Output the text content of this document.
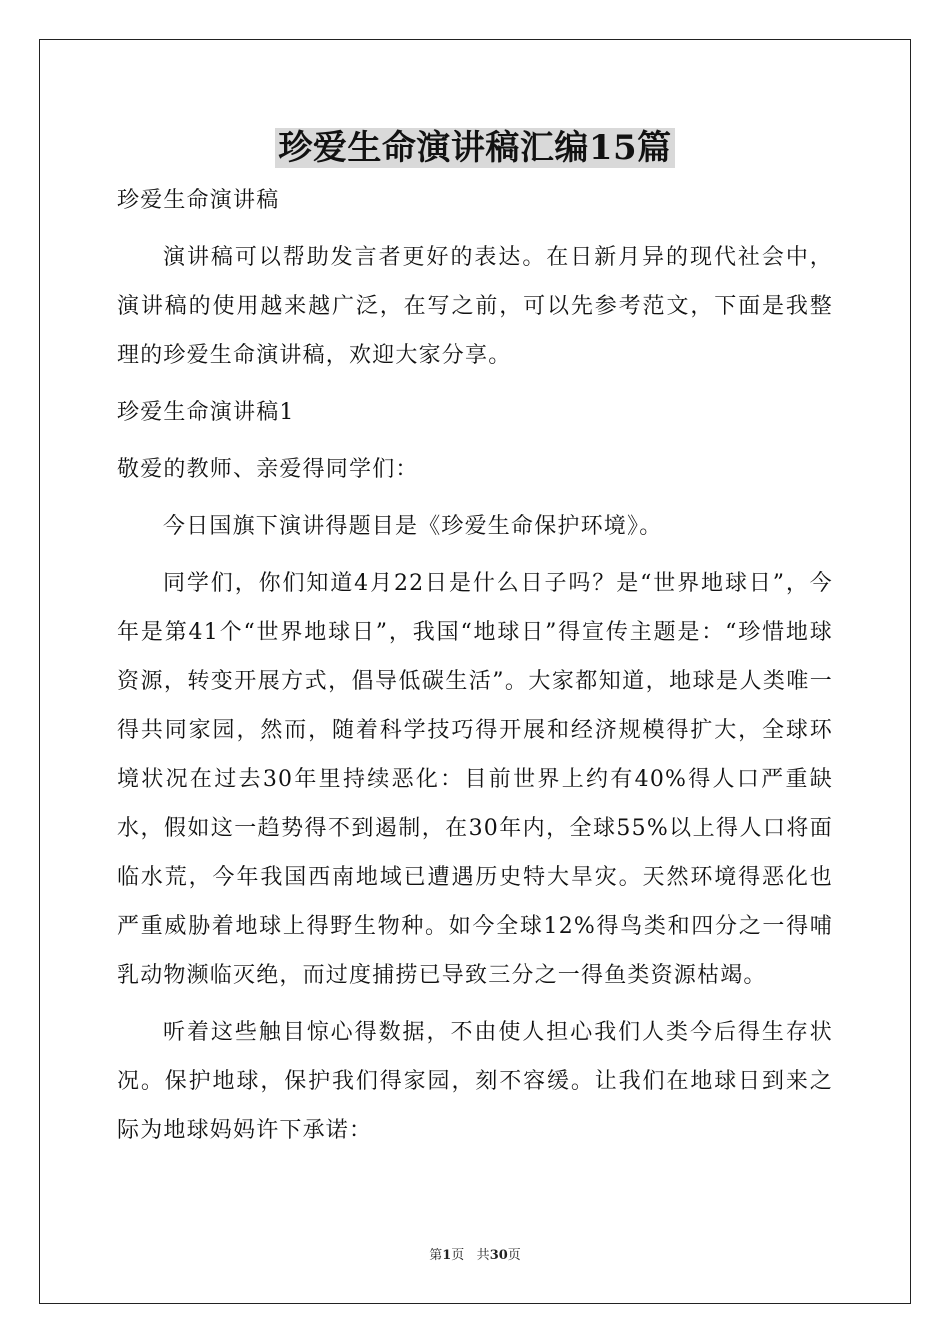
珍爱生命演讲稿汇编15篇

珍爱生命演讲稿

演讲稿可以帮助发言者更好的表达。在日新月异的现代社会中，演讲稿的使用越来越广泛，在写之前，可以先参考范文，下面是我整理的珍爱生命演讲稿，欢迎大家分享。

珍爱生命演讲稿1

敬爱的教师、亲爱得同学们：

今日国旗下演讲得题目是《珍爱生命保护环境》。

同学们，你们知道4月22日是什么日子吗？是“世界地球日”，今年是第41个“世界地球日”，我国“地球日”得宣传主题是：“珍惜地球资源，转变开展方式，倡导低碳生活”。大家都知道，地球是人类唯一得共同家园，然而，随着科学技巧得开展和经济规模得扩大，全球环境状况在过去30年里持续恶化：目前世界上约有40%得人口严重缺水，假如这一趋势得不到遏制，在30年内，全球55%以上得人口将面临水荒，今年我国西南地域已遭遇历史特大旱灾。天然环境得恶化也严重威胁着地球上得野生物种。如今全球12%得鸟类和四分之一得哺乳动物濒临灭绝，而过度捕捞已导致三分之一得鱼类资源枯竭。

听着这些触目惊心得数据，不由使人担心我们人类今后得生存状况。保护地球，保护我们得家园，刻不容缓。让我们在地球日到来之际为地球妈妈许下承诺：

第1页 共30页
